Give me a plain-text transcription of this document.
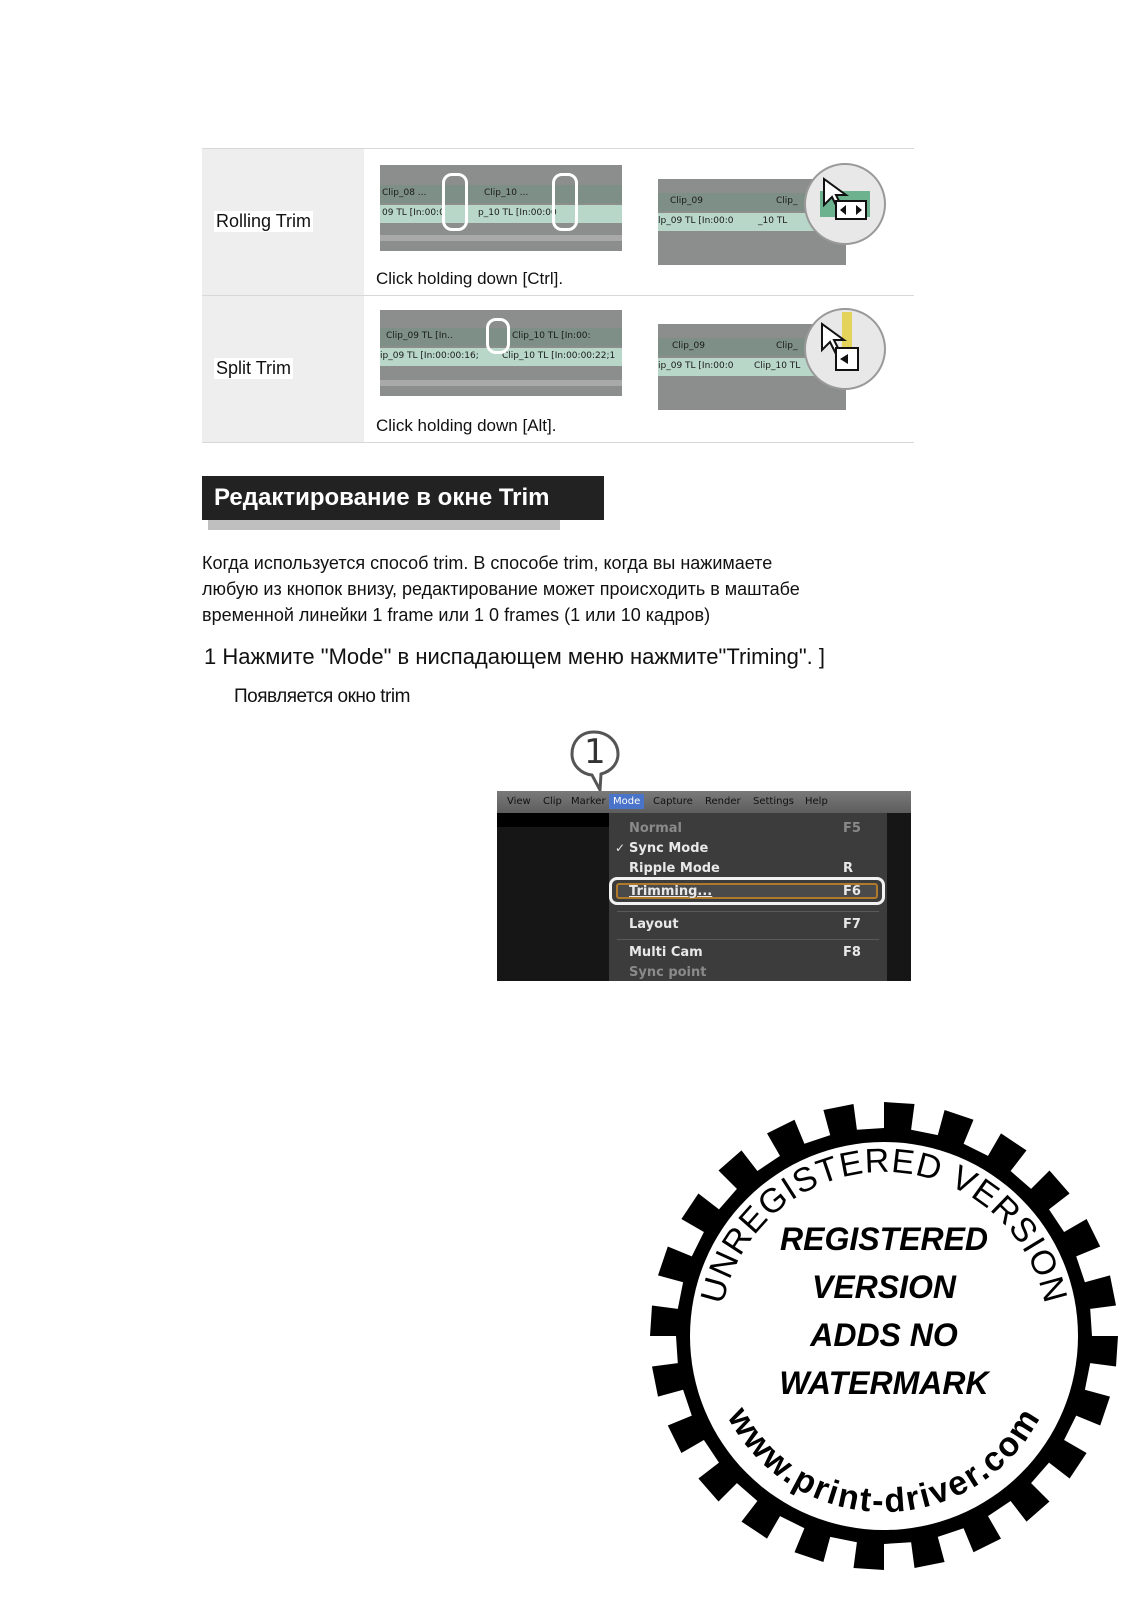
Rolling Trim
Clip_08 ...	Clip_10 ...
09 TL [In:00:0	p_10 TL [In:00:00
Clip_09	Clip_
lp_09 TL [In:00:0	_10 TL
Click holding down [Ctrl].
Split Trim
Clip_09 TL [In..	Clip_10 TL [In:00:
ip_09 TL [In:00:00:16;	Clip_10 TL [In:00:00:22;1
Clip_09	Clip_
ip_09 TL [In:00:0 Clip_10 TL
Click holding down [Alt].
Редактирование в окне Trim
Когда используется способ trim. В способе trim, когда вы нажимаете
любую из кнопок внизу, редактирование может происходить в маштабе
временной линейки 1 frame или 1 0 frames (1 или 10 кадров)
1 Нажмите "Mode" в ниспадающем меню нажмите"Triming". ]
Появляется окно trim
1
View Clip Marker Mode	Capture Render Settings Help
Normal	F5
✓ Sync Mode
Ripple Mode	R
Trimming...	F6
Layout	F7
Multi Cam	F8
Sync point
UNREGISTERED VERSION
www.print-driver.com
REGISTERED
VERSION
ADDS NO
WATERMARK
